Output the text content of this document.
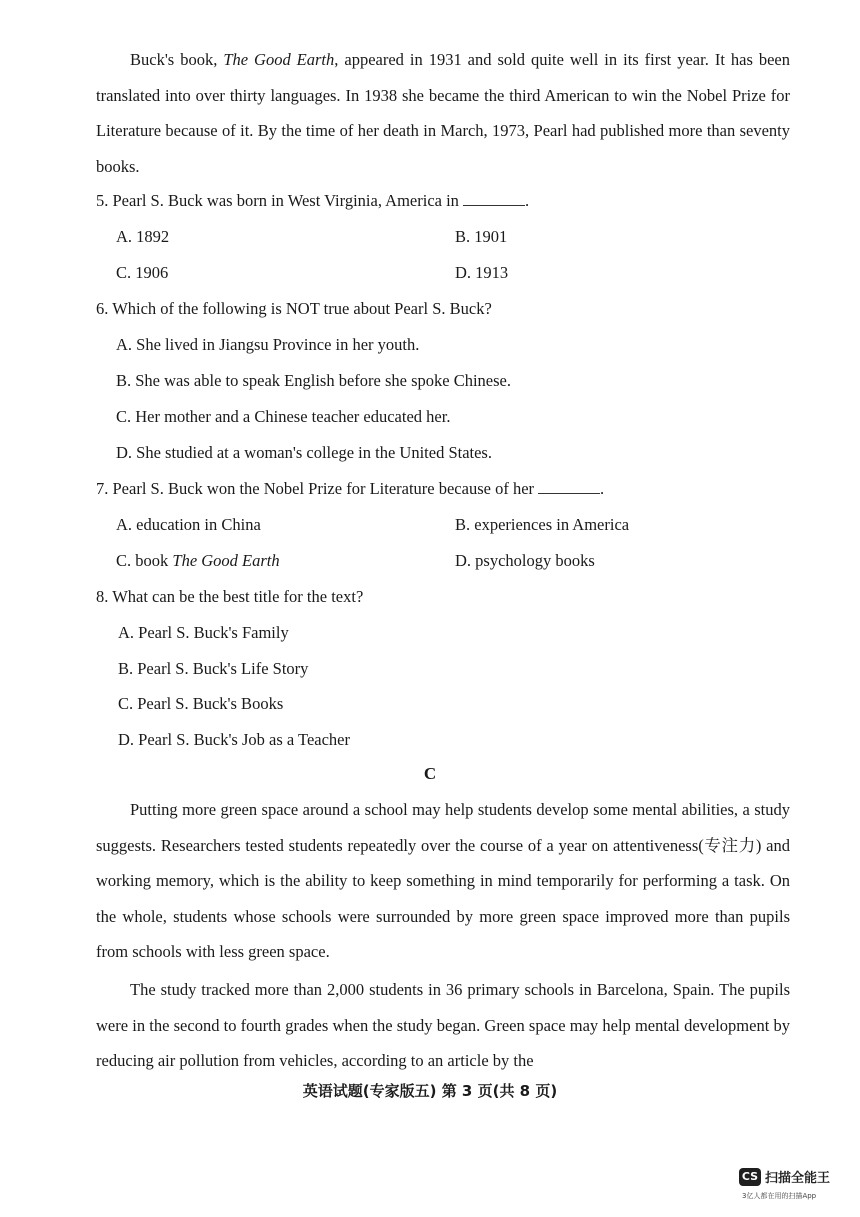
Buck's book, The Good Earth, appeared in 1931 and sold quite well in its first year. It has been translated into over thirty languages. In 1938 she became the third American to win the Nobel Prize for Literature because of it. By the time of her death in March, 1973, Pearl had published more than seventy books.

5. Pearl S. Buck was born in West Virginia, America in	.
A. 1892	B. 1901
C. 1906	D. 1913
6. Which of the following is NOT true about Pearl S. Buck?
A. She lived in Jiangsu Province in her youth.
B. She was able to speak English before she spoke Chinese.
C. Her mother and a Chinese teacher educated her.
D. She studied at a woman's college in the United States.
7. Pearl S. Buck won the Nobel Prize for Literature because of her	.
A. education in China	B. experiences in America
C. book The Good Earth	D. psychology books
8. What can be the best title for the text?
A. Pearl S. Buck's Family
B. Pearl S. Buck's Life Story
C. Pearl S. Buck's Books
D. Pearl S. Buck's Job as a Teacher
C

Putting more green space around a school may help students develop some mental abilities, a study suggests. Researchers tested students repeatedly over the course of a year on attentiveness(专注力) and working memory, which is the ability to keep something in mind temporarily for performing a task. On the whole, students whose schools were surrounded by more green space improved more than pupils from schools with less green space.

The study tracked more than 2,000 students in 36 primary schools in Barcelona, Spain. The pupils were in the second to fourth grades when the study began. Green space may help mental development by reducing air pollution from vehicles, according to an article by the

英语试题(专家版五) 第 3 页(共 8 页)
CS 扫描全能王
3亿人都在用的扫描App
